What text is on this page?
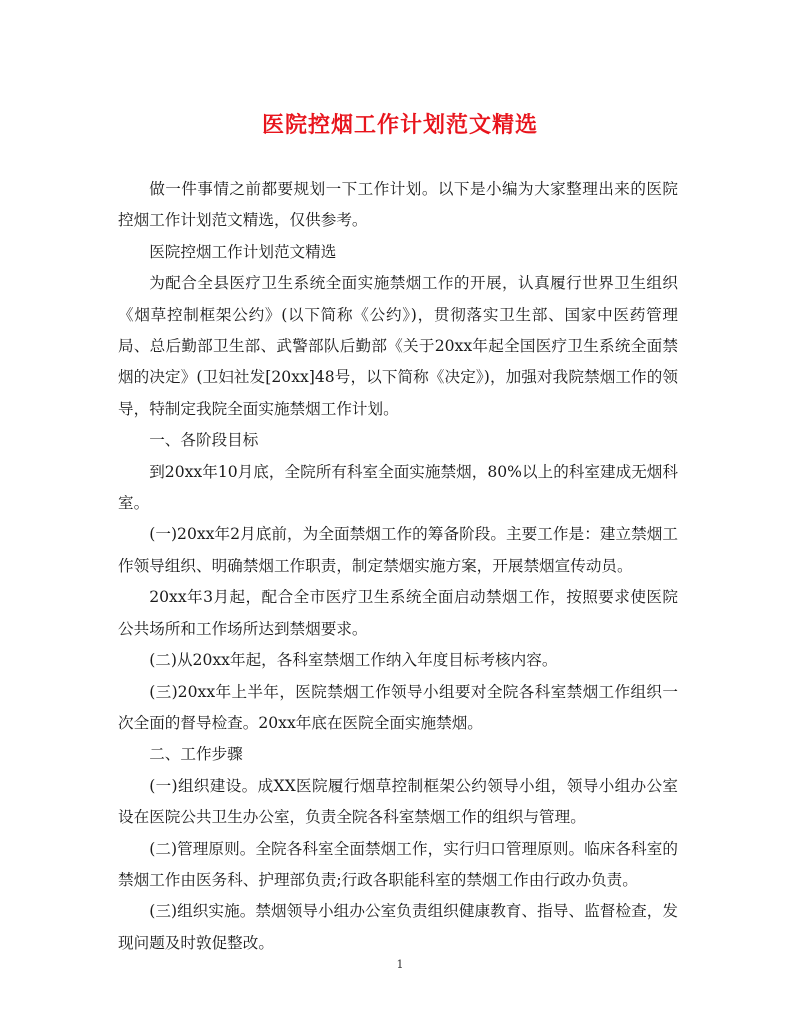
医院控烟工作计划范文精选

做一件事情之前都要规划一下工作计划。以下是小编为大家整理出来的医院控烟工作计划范文精选，仅供参考。

医院控烟工作计划范文精选

为配合全县医疗卫生系统全面实施禁烟工作的开展，认真履行世界卫生组织《烟草控制框架公约》(以下简称《公约》)，贯彻落实卫生部、国家中医药管理局、总后勤部卫生部、武警部队后勤部《关于20xx年起全国医疗卫生系统全面禁烟的决定》(卫妇社发[20xx]48号，以下简称《决定》)，加强对我院禁烟工作的领导，特制定我院全面实施禁烟工作计划。

一、各阶段目标

到20xx年10月底，全院所有科室全面实施禁烟，80%以上的科室建成无烟科室。

(一)20xx年2月底前，为全面禁烟工作的筹备阶段。主要工作是：建立禁烟工作领导组织、明确禁烟工作职责，制定禁烟实施方案，开展禁烟宣传动员。

20xx年3月起，配合全市医疗卫生系统全面启动禁烟工作，按照要求使医院公共场所和工作场所达到禁烟要求。

(二)从20xx年起，各科室禁烟工作纳入年度目标考核内容。

(三)20xx年上半年，医院禁烟工作领导小组要对全院各科室禁烟工作组织一次全面的督导检查。20xx年底在医院全面实施禁烟。

二、工作步骤

(一)组织建设。成XX医院履行烟草控制框架公约领导小组，领导小组办公室设在医院公共卫生办公室，负责全院各科室禁烟工作的组织与管理。

(二)管理原则。全院各科室全面禁烟工作，实行归口管理原则。临床各科室的禁烟工作由医务科、护理部负责;行政各职能科室的禁烟工作由行政办负责。

(三)组织实施。禁烟领导小组办公室负责组织健康教育、指导、监督检查，发现问题及时敦促整改。

1
